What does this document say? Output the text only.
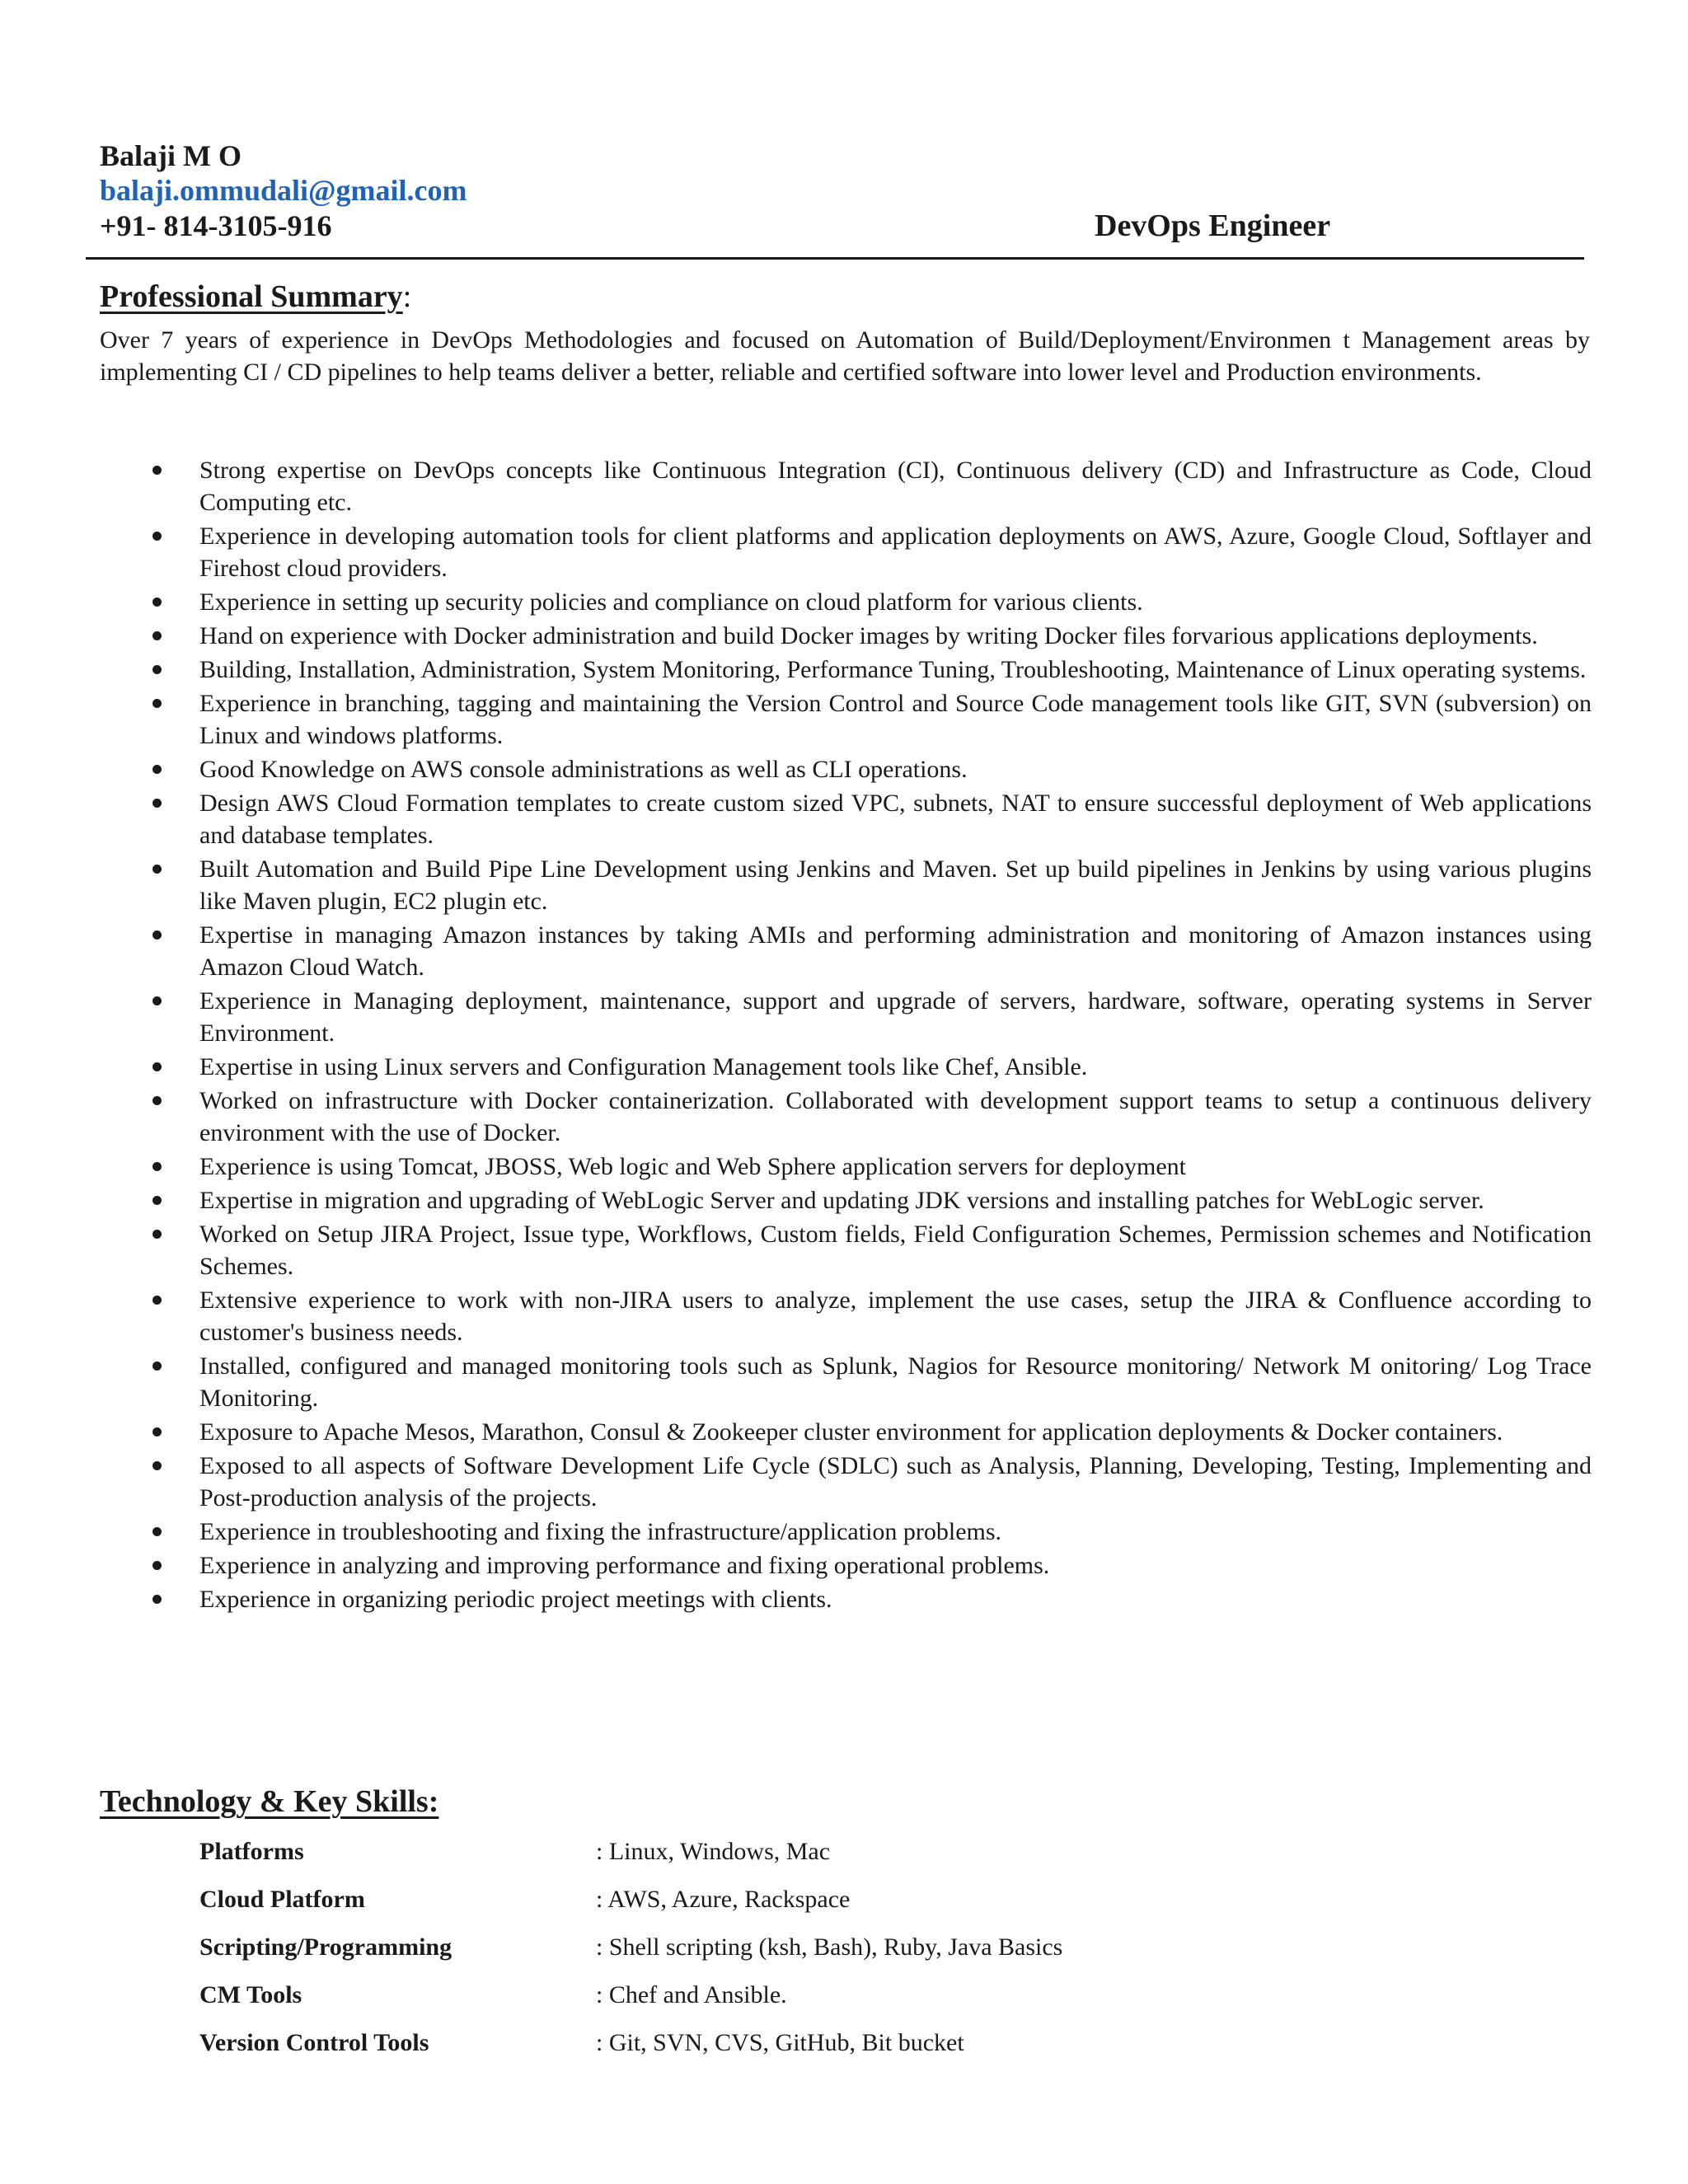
Balaji M O
balaji.ommudali@gmail.com
+91- 814-3105-916	DevOps Engineer
Professional Summary:

Over 7 years of experience in DevOps Methodologies and focused on Automation of Build/Deployment/Environmen t Management areas by implementing CI / CD pipelines to help teams deliver a better, reliable and certified software into lower level and Production environments.

Strong expertise on DevOps concepts like Continuous Integration (CI), Continuous delivery (CD) and Infrastructure as Code, Cloud Computing etc.
Experience in developing automation tools for client platforms and application deployments on AWS, Azure, Google Cloud, Softlayer and Firehost cloud providers.
Experience in setting up security policies and compliance on cloud platform for various clients.
Hand on experience with Docker administration and build Docker images by writing Docker files forvarious applications deployments.
Building, Installation, Administration, System Monitoring, Performance Tuning, Troubleshooting, Maintenance of Linux operating systems.
Experience in branching, tagging and maintaining the Version Control and Source Code management tools like GIT, SVN (subversion) on Linux and windows platforms.
Good Knowledge on AWS console administrations as well as CLI operations.
Design AWS Cloud Formation templates to create custom sized VPC, subnets, NAT to ensure successful deployment of Web applications and database templates.
Built Automation and Build Pipe Line Development using Jenkins and Maven. Set up build pipelines in Jenkins by using various plugins like Maven plugin, EC2 plugin etc.
Expertise in managing Amazon instances by taking AMIs and performing administration and monitoring of Amazon instances using Amazon Cloud Watch.
Experience in Managing deployment, maintenance, support and upgrade of servers, hardware, software, operating systems in Server Environment.
Expertise in using Linux servers and Configuration Management tools like Chef, Ansible.
Worked on infrastructure with Docker containerization. Collaborated with development support teams to setup a continuous delivery environment with the use of Docker.
Experience is using Tomcat, JBOSS, Web logic and Web Sphere application servers for deployment
Expertise in migration and upgrading of WebLogic Server and updating JDK versions and installing patches for WebLogic server.
Worked on Setup JIRA Project, Issue type, Workflows, Custom fields, Field Configuration Schemes, Permission schemes and Notification Schemes.
Extensive experience to work with non-JIRA users to analyze, implement the use cases, setup the JIRA & Confluence according to customer's business needs.
Installed, configured and managed monitoring tools such as Splunk, Nagios for Resource monitoring/ Network M onitoring/ Log Trace Monitoring.
Exposure to Apache Mesos, Marathon, Consul & Zookeeper cluster environment for application deployments & Docker containers.
Exposed to all aspects of Software Development Life Cycle (SDLC) such as Analysis, Planning, Developing, Testing, Implementing and Post-production analysis of the projects.
Experience in troubleshooting and fixing the infrastructure/application problems.
Experience in analyzing and improving performance and fixing operational problems.
Experience in organizing periodic project meetings with clients.
Technology & Key Skills:
Platforms	: Linux, Windows, Mac
Cloud Platform	: AWS, Azure, Rackspace
Scripting/Programming	: Shell scripting (ksh, Bash), Ruby, Java Basics
CM Tools	: Chef and Ansible.
Version Control Tools	: Git, SVN, CVS, GitHub, Bit bucket
